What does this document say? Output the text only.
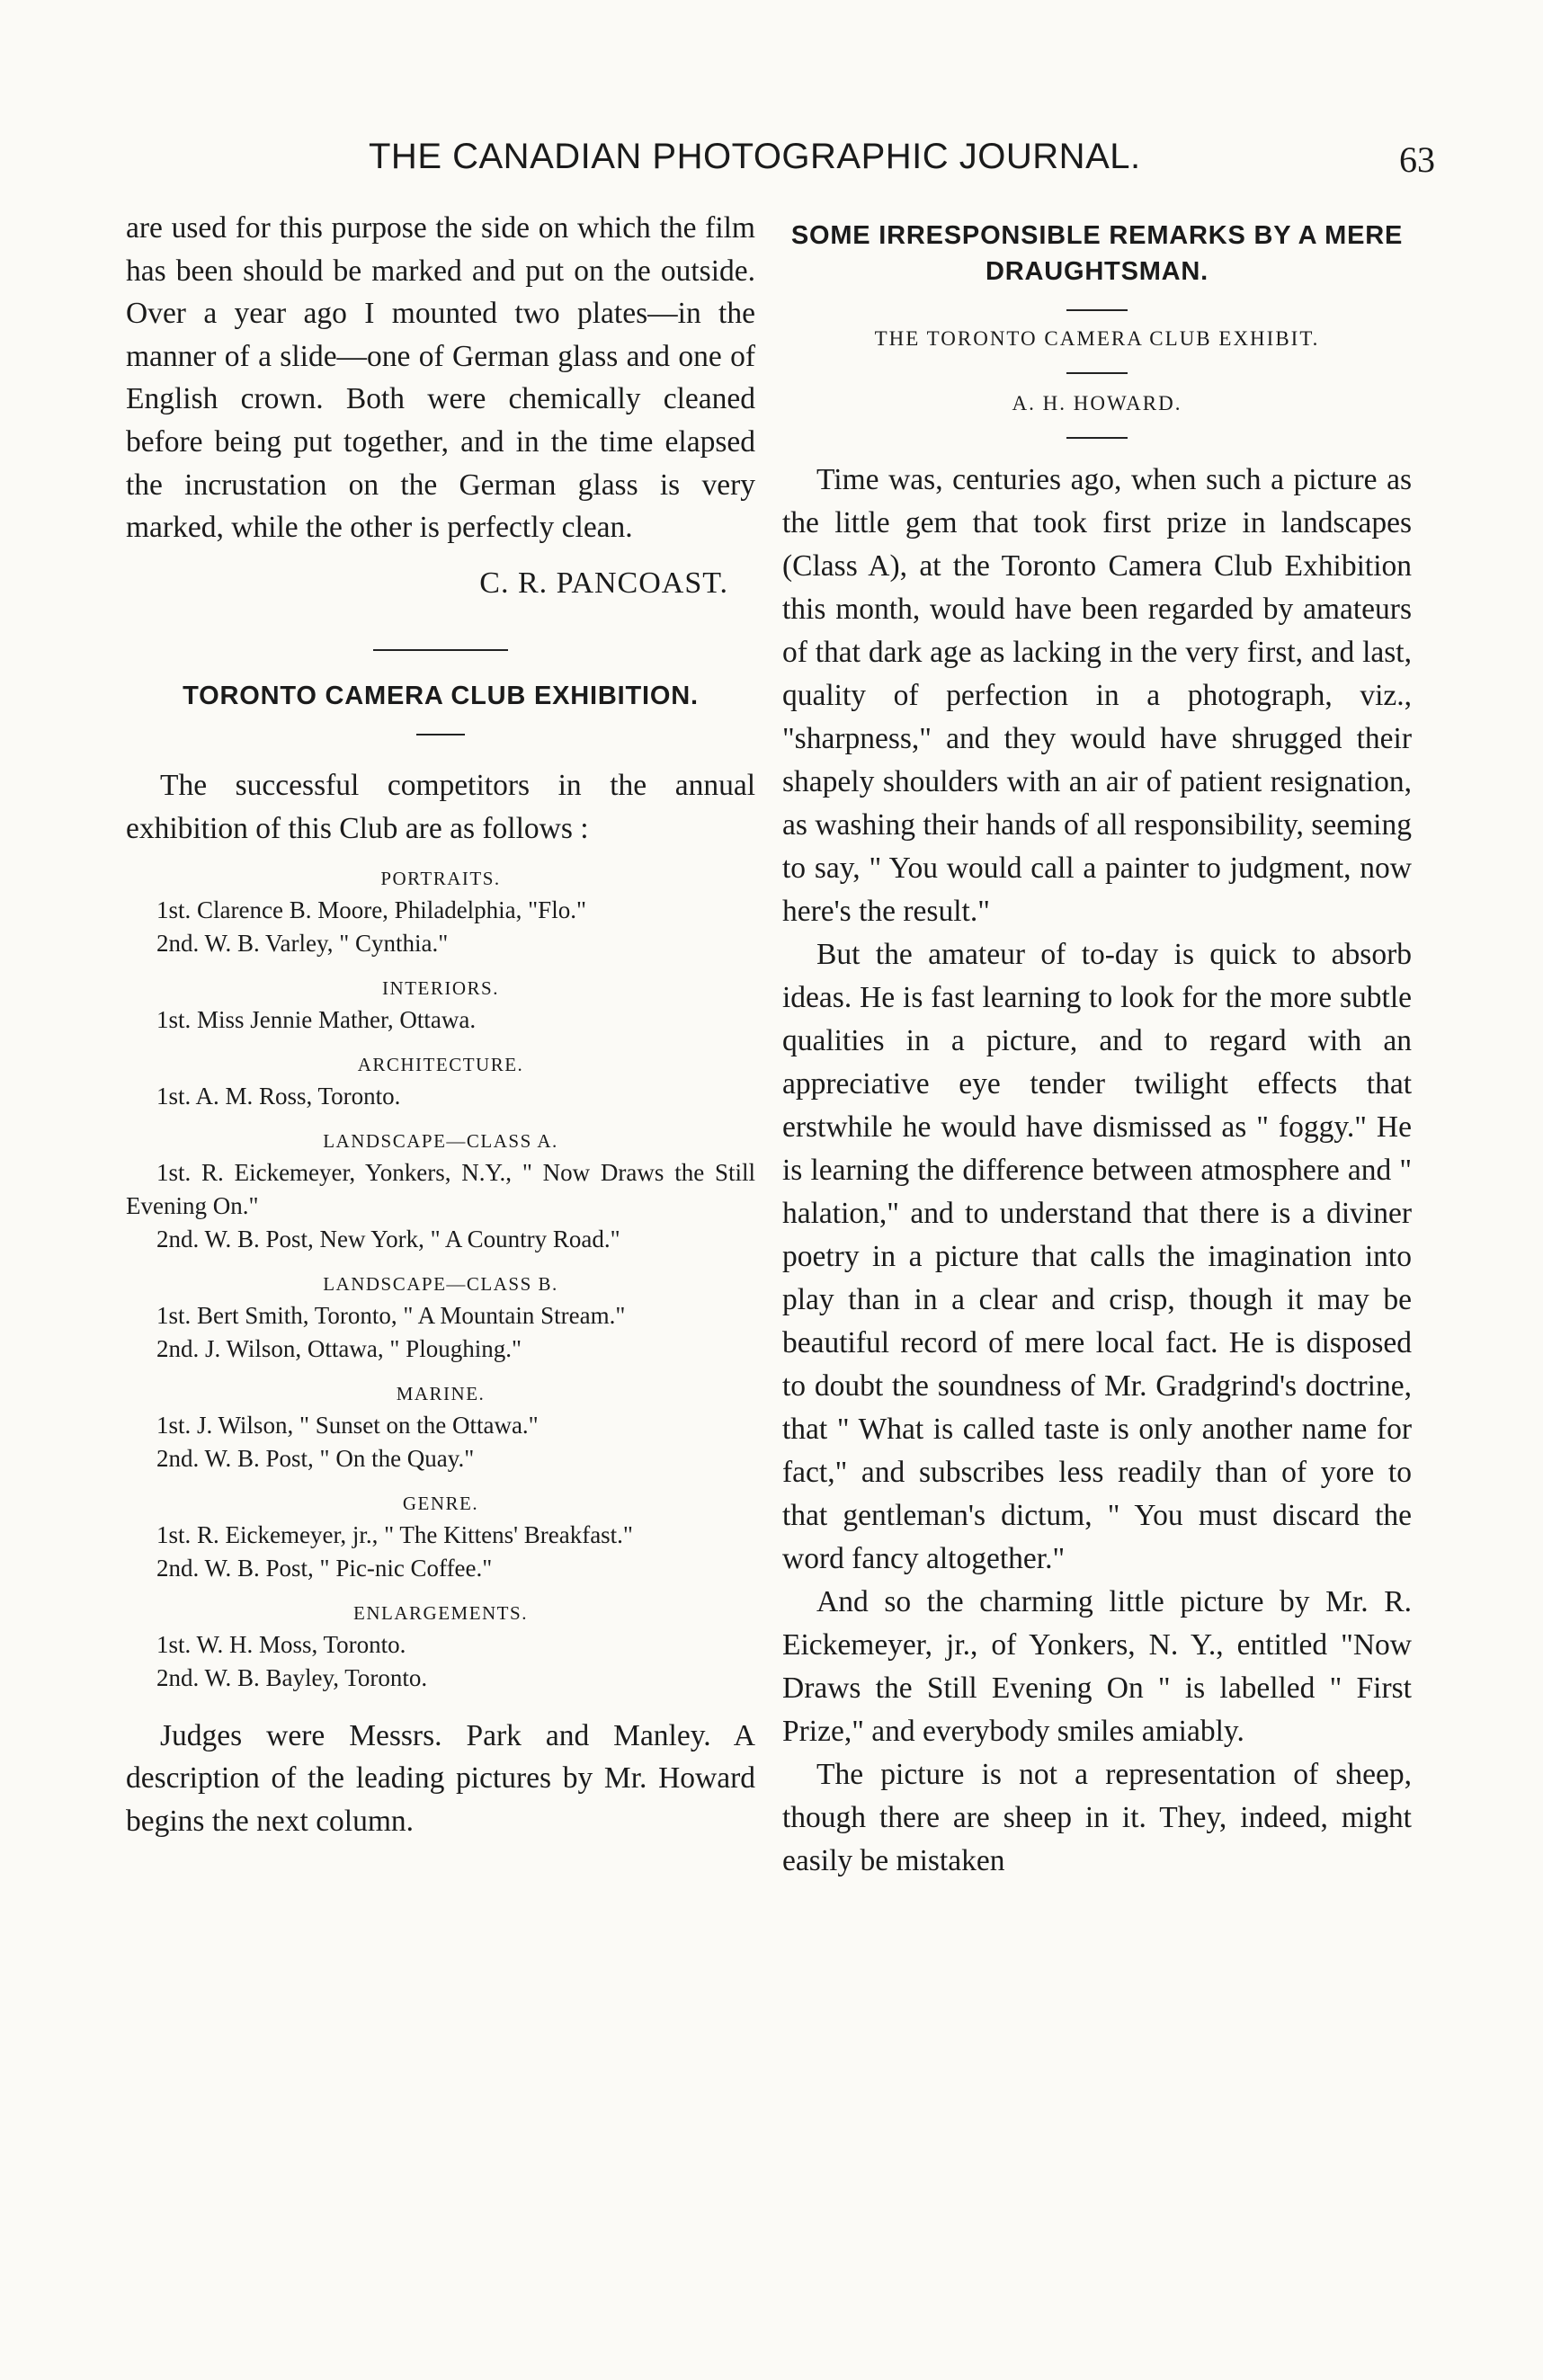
THE CANADIAN PHOTOGRAPHIC JOURNAL.	63

are used for this purpose the side on which the film has been should be marked and put on the outside. Over a year ago I mounted two plates—in the manner of a slide—one of German glass and one of English crown. Both were chemically cleaned before being put together, and in the time elapsed the incrustation on the German glass is very marked, while the other is perfectly clean.

C. R. PANCOAST.
TORONTO CAMERA CLUB EXHIBITION.

The successful competitors in the annual exhibition of this Club are as follows :

PORTRAITS.
1st. Clarence B. Moore, Philadelphia, "Flo."
2nd. W. B. Varley, " Cynthia."
INTERIORS.
1st. Miss Jennie Mather, Ottawa.
ARCHITECTURE.
1st. A. M. Ross, Toronto.
LANDSCAPE—CLASS A.
1st. R. Eickemeyer, Yonkers, N.Y., " Now Draws the Still Evening On."
2nd. W. B. Post, New York, " A Country Road."
LANDSCAPE—CLASS B.
1st. Bert Smith, Toronto, " A Mountain Stream."
2nd. J. Wilson, Ottawa, " Ploughing."
MARINE.
1st. J. Wilson, " Sunset on the Ottawa."
2nd. W. B. Post, " On the Quay."
GENRE.
1st. R. Eickemeyer, jr., " The Kittens' Breakfast."
2nd. W. B. Post, " Pic-nic Coffee."
ENLARGEMENTS.
1st. W. H. Moss, Toronto.
2nd. W. B. Bayley, Toronto.

Judges were Messrs. Park and Manley. A description of the leading pictures by Mr. Howard begins the next column.

SOME IRRESPONSIBLE REMARKS BY A MERE DRAUGHTSMAN.
THE TORONTO CAMERA CLUB EXHIBIT.
A. H. HOWARD.

Time was, centuries ago, when such a picture as the little gem that took first prize in landscapes (Class A), at the Toronto Camera Club Exhibition this month, would have been regarded by amateurs of that dark age as lacking in the very first, and last, quality of perfection in a photograph, viz., "sharpness," and they would have shrugged their shapely shoulders with an air of patient resignation, as washing their hands of all responsibility, seeming to say, " You would call a painter to judgment, now here's the result."

But the amateur of to-day is quick to absorb ideas. He is fast learning to look for the more subtle qualities in a picture, and to regard with an appreciative eye tender twilight effects that erstwhile he would have dismissed as " foggy." He is learning the difference between atmosphere and " halation," and to understand that there is a diviner poetry in a picture that calls the imagination into play than in a clear and crisp, though it may be beautiful record of mere local fact. He is disposed to doubt the soundness of Mr. Gradgrind's doctrine, that " What is called taste is only another name for fact," and subscribes less readily than of yore to that gentleman's dictum, " You must discard the word fancy altogether."

And so the charming little picture by Mr. R. Eickemeyer, jr., of Yonkers, N. Y., entitled "Now Draws the Still Evening On " is labelled " First Prize," and everybody smiles amiably.

The picture is not a representation of sheep, though there are sheep in it. They, indeed, might easily be mistaken
